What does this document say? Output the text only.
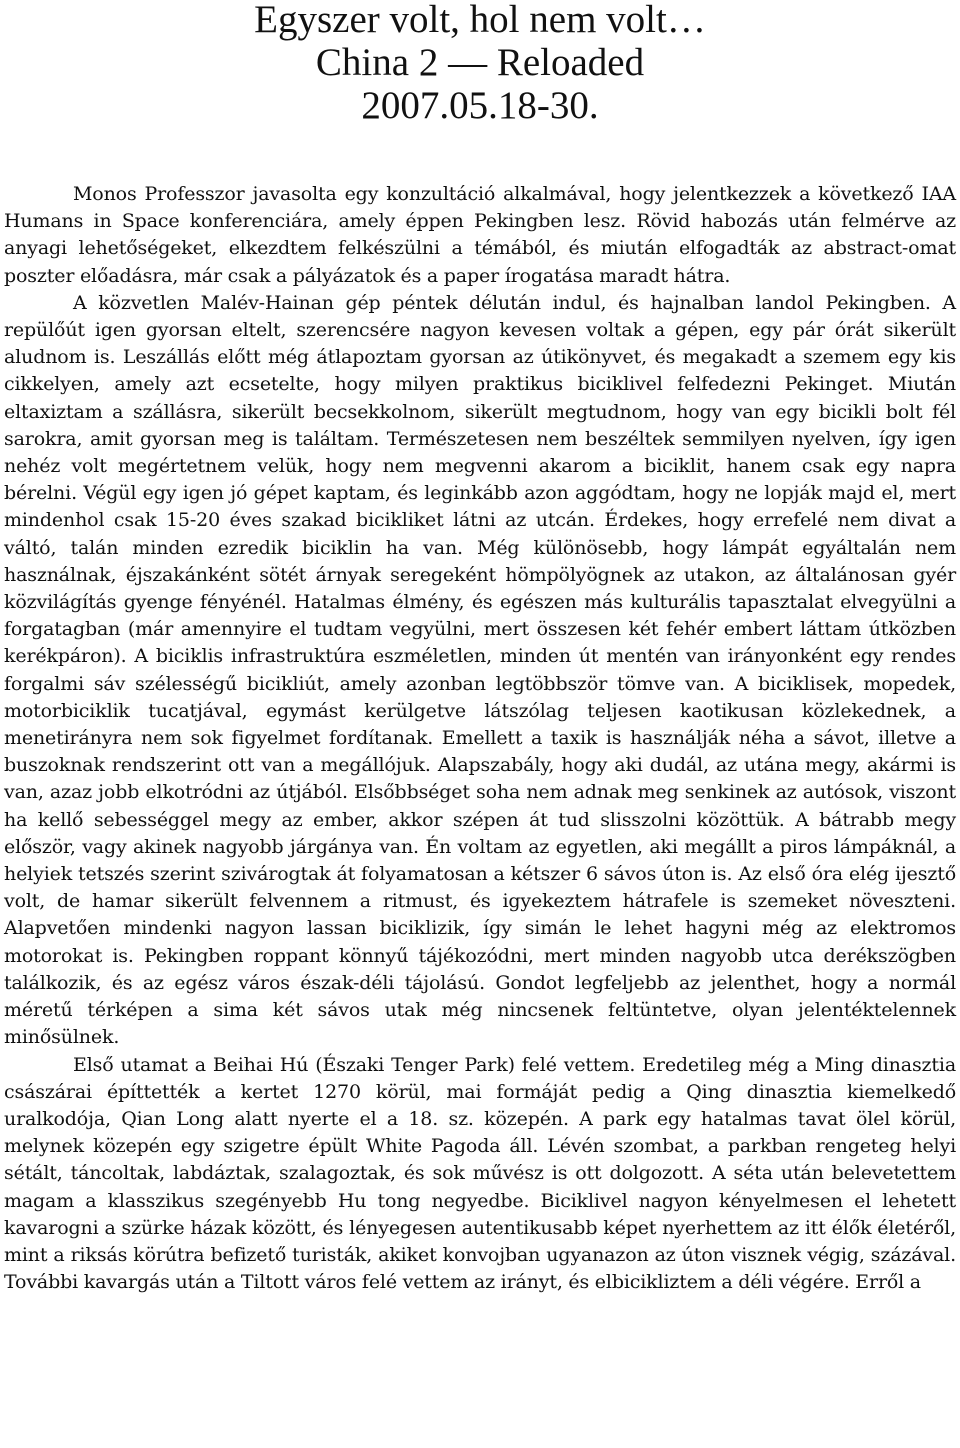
Egyszer volt, hol nem volt…
China 2 — Reloaded
2007.05.18-30.

Monos Professzor javasolta egy konzultáció alkalmával, hogy jelentkezzek a következő IAA Humans in Space konferenciára, amely éppen Pekingben lesz. Rövid habozás után felmérve az anyagi lehetőségeket, elkezdtem felkészülni a témából, és miután elfogadták az abstract-omat poszter előadásra, már csak a pályázatok és a paper írogatása maradt hátra.

A közvetlen Malév-Hainan gép péntek délután indul, és hajnalban landol Pekingben. A repülőút igen gyorsan eltelt, szerencsére nagyon kevesen voltak a gépen, egy pár órát sikerült aludnom is. Leszállás előtt még átlapoztam gyorsan az útikönyvet, és megakadt a szemem egy kis cikkelyen, amely azt ecsetelte, hogy milyen praktikus biciklivel felfedezni Pekinget. Miután eltaxiztam a szállásra, sikerült becsekkolnom, sikerült megtudnom, hogy van egy bicikli bolt fél sarokra, amit gyorsan meg is találtam. Természetesen nem beszéltek semmilyen nyelven, így igen nehéz volt megértetnem velük, hogy nem megvenni akarom a biciklit, hanem csak egy napra bérelni. Végül egy igen jó gépet kaptam, és leginkább azon aggódtam, hogy ne lopják majd el, mert mindenhol csak 15-20 éves szakad bicikliket látni az utcán. Érdekes, hogy errefelé nem divat a váltó, talán minden ezredik biciklin ha van. Még különösebb, hogy lámpát egyáltalán nem használnak, éjszakánként sötét árnyak seregeként hömpölyögnek az utakon, az általánosan gyér közvilágítás gyenge fényénél. Hatalmas élmény, és egészen más kulturális tapasztalat elvegyülni a forgatagban (már amennyire el tudtam vegyülni, mert összesen két fehér embert láttam útközben kerékpáron). A biciklis infrastruktúra eszméletlen, minden út mentén van irányonként egy rendes forgalmi sáv szélességű bicikliút, amely azonban legtöbbször tömve van. A biciklisek, mopedek, motorbiciklik tucatjával, egymást kerülgetve látszólag teljesen kaotikusan közlekednek, a menetirányra nem sok figyelmet fordítanak. Emellett a taxik is használják néha a sávot, illetve a buszoknak rendszerint ott van a megállójuk. Alapszabály, hogy aki dudál, az utána megy, akármi is van, azaz jobb elkotródni az útjából. Elsőbbséget soha nem adnak meg senkinek az autósok, viszont ha kellő sebességgel megy az ember, akkor szépen át tud slisszolni közöttük. A bátrabb megy először, vagy akinek nagyobb járgánya van. Én voltam az egyetlen, aki megállt a piros lámpáknál, a helyiek tetszés szerint szivárogtak át folyamatosan a kétszer 6 sávos úton is. Az első óra elég ijesztő volt, de hamar sikerült felvennem a ritmust, és igyekeztem hátrafele is szemeket növeszteni. Alapvetően mindenki nagyon lassan biciklizik, így simán le lehet hagyni még az elektromos motorokat is. Pekingben roppant könnyű tájékozódni, mert minden nagyobb utca derékszögben találkozik, és az egész város észak-déli tájolású. Gondot legfeljebb az jelenthet, hogy a normál méretű térképen a sima két sávos utak még nincsenek feltüntetve, olyan jelentéktelennek minősülnek.

Első utamat a Beihai Hú (Északi Tenger Park) felé vettem. Eredetileg még a Ming dinasztia császárai építtették a kertet 1270 körül, mai formáját pedig a Qing dinasztia kiemelkedő uralkodója, Qian Long alatt nyerte el a 18. sz. közepén. A park egy hatalmas tavat ölel körül, melynek közepén egy szigetre épült White Pagoda áll. Lévén szombat, a parkban rengeteg helyi sétált, táncoltak, labdáztak, szalagoztak, és sok művész is ott dolgozott. A séta után belevetettem magam a klasszikus szegényebb Hu tong negyedbe. Biciklivel nagyon kényelmesen el lehetett kavarogni a szürke házak között, és lényegesen autentikusabb képet nyerhettem az itt élők életéről, mint a riksás körútra befizető turisták, akiket konvojban ugyanazon az úton visznek végig, százával. További kavargás után a Tiltott város felé vettem az irányt, és elbicikliztem a déli végére. Erről a
